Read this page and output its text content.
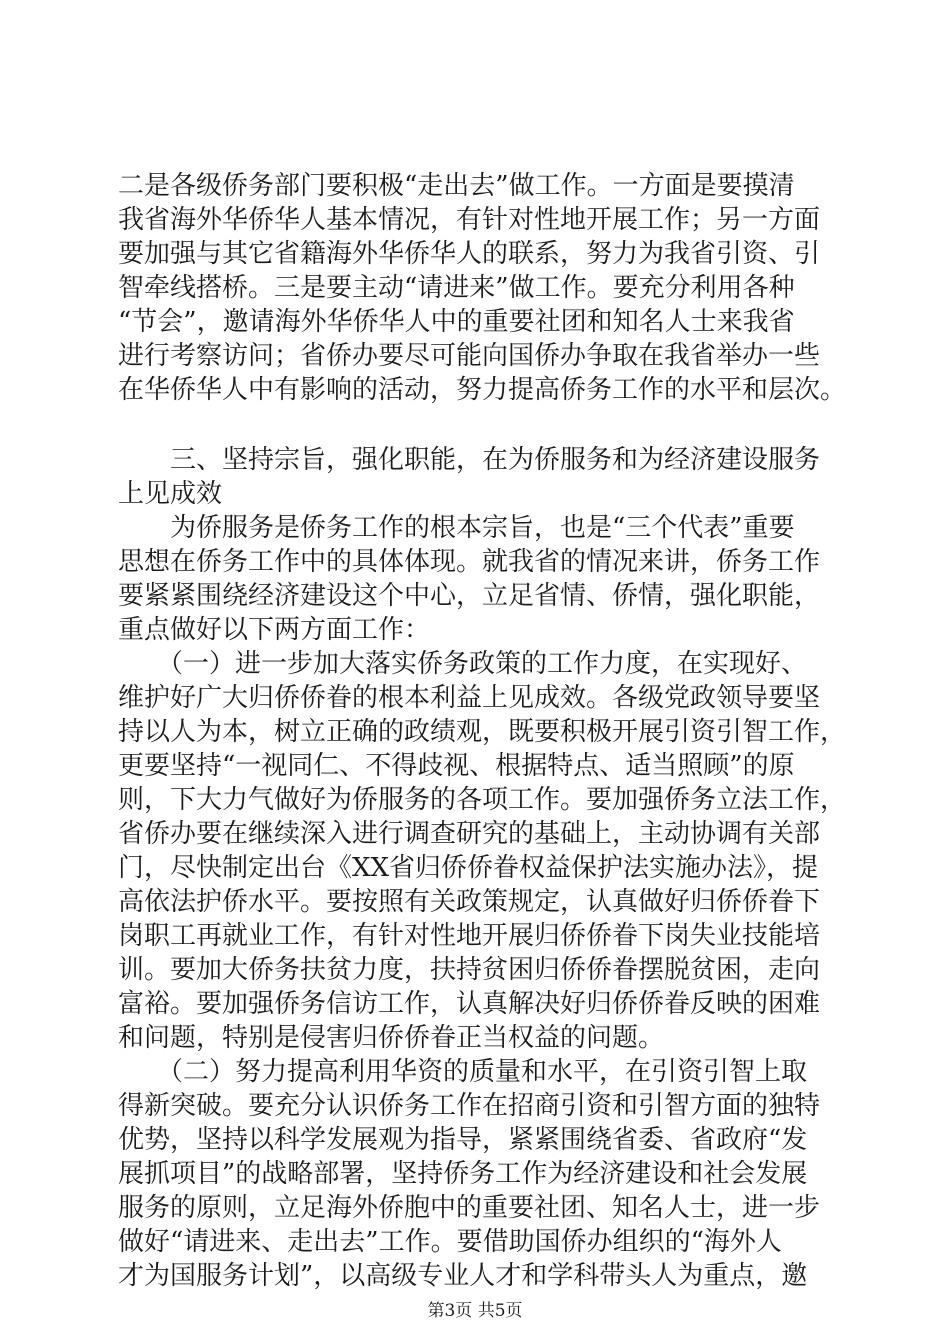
二是各级侨务部门要积极“走出去”做工作。一方面是要摸清
我省海外华侨华人基本情况，有针对性地开展工作；另一方面
要加强与其它省籍海外华侨华人的联系，努力为我省引资、引
智牵线搭桥。三是要主动“请进来”做工作。要充分利用各种
“节会”，邀请海外华侨华人中的重要社团和知名人士来我省
进行考察访问；省侨办要尽可能向国侨办争取在我省举办一些
在华侨华人中有影响的活动，努力提高侨务工作的水平和层次。
　　三、坚持宗旨，强化职能，在为侨服务和为经济建设服务
上见成效
　　为侨服务是侨务工作的根本宗旨，也是“三个代表”重要
思想在侨务工作中的具体体现。就我省的情况来讲，侨务工作
要紧紧围绕经济建设这个中心，立足省情、侨情，强化职能，
重点做好以下两方面工作：
　　（一）进一步加大落实侨务政策的工作力度，在实现好、
维护好广大归侨侨眷的根本利益上见成效。各级党政领导要坚
持以人为本，树立正确的政绩观，既要积极开展引资引智工作，
更要坚持“一视同仁、不得歧视、根据特点、适当照顾”的原
则，下大力气做好为侨服务的各项工作。要加强侨务立法工作，
省侨办要在继续深入进行调查研究的基础上，主动协调有关部
门，尽快制定出台《XX省归侨侨眷权益保护法实施办法》，提
高依法护侨水平。要按照有关政策规定，认真做好归侨侨眷下
岗职工再就业工作，有针对性地开展归侨侨眷下岗失业技能培
训。要加大侨务扶贫力度，扶持贫困归侨侨眷摆脱贫困，走向
富裕。要加强侨务信访工作，认真解决好归侨侨眷反映的困难
和问题，特别是侵害归侨侨眷正当权益的问题。
　　（二）努力提高利用华资的质量和水平，在引资引智上取
得新突破。要充分认识侨务工作在招商引资和引智方面的独特
优势，坚持以科学发展观为指导，紧紧围绕省委、省政府“发
展抓项目”的战略部署，坚持侨务工作为经济建设和社会发展
服务的原则，立足海外侨胞中的重要社团、知名人士，进一步
做好“请进来、走出去”工作。要借助国侨办组织的“海外人
才为国服务计划”，以高级专业人才和学科带头人为重点，邀
第3页 共5页
